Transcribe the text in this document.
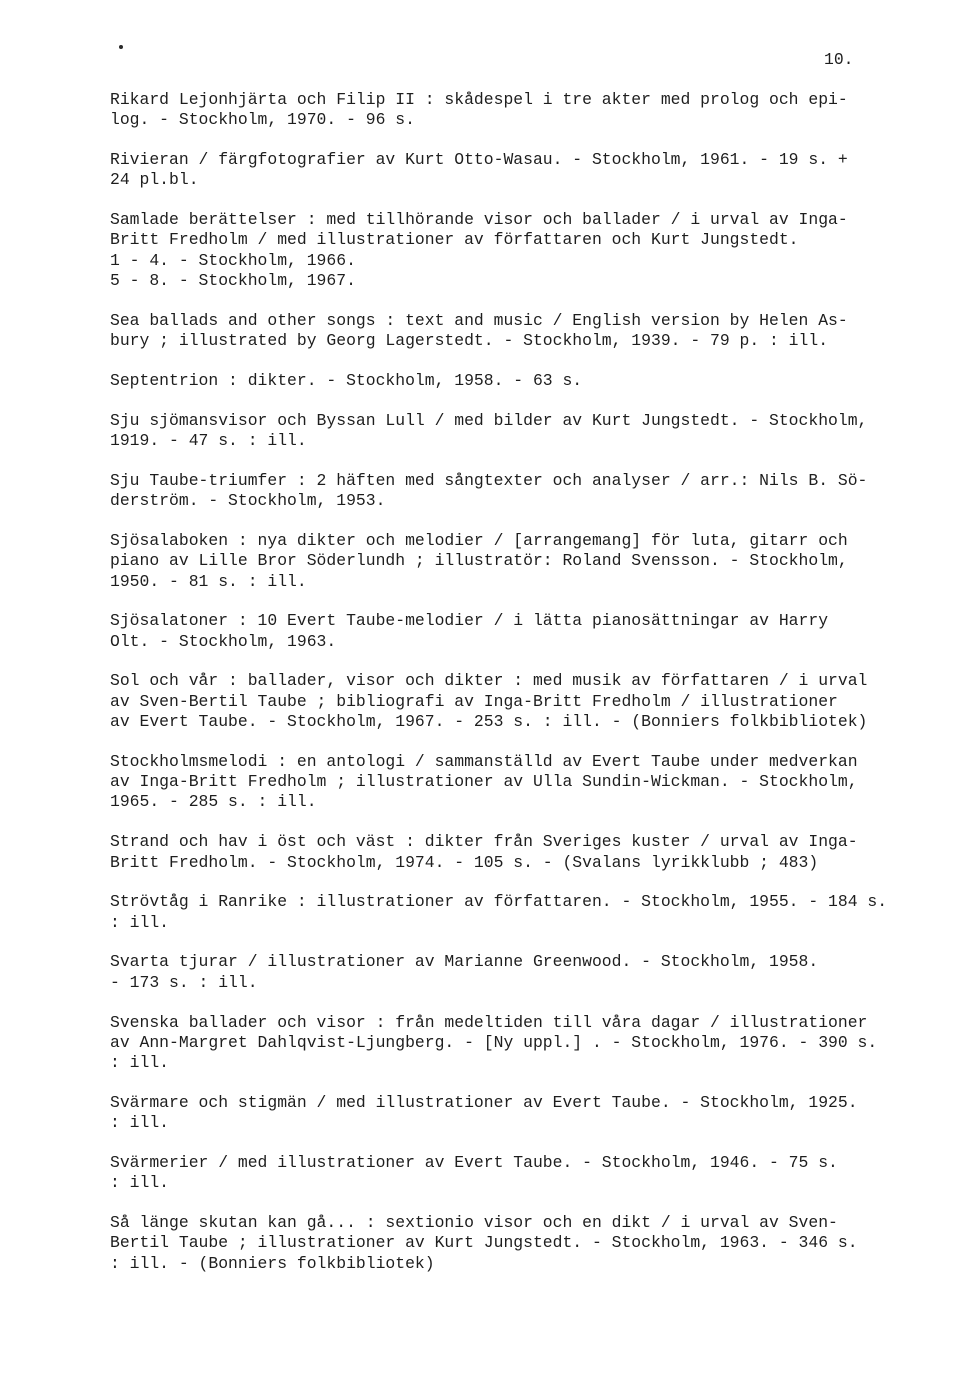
10.
Rikard Lejonhjärta och Filip II : skådespel i tre akter med prolog och epi-
log. - Stockholm, 1970. - 96 s.
Rivieran / färgfotografier av Kurt Otto-Wasau. - Stockholm, 1961. - 19 s. +
24 pl.bl.
Samlade berättelser : med tillhörande visor och ballader / i urval av Inga-
Britt Fredholm / med illustrationer av författaren och Kurt Jungstedt.
1 - 4. - Stockholm, 1966.
5 - 8. - Stockholm, 1967.
Sea ballads and other songs : text and music / English version by Helen As-
bury ; illustrated by Georg Lagerstedt. - Stockholm, 1939. - 79 p. : ill.
Septentrion : dikter. - Stockholm, 1958. - 63 s.
Sju sjömansvisor och Byssan Lull / med bilder av Kurt Jungstedt. - Stockholm,
1919. - 47 s. : ill.
Sju Taube-triumfer : 2 häften med sångtexter och analyser / arr.: Nils B. Sö-
derström. - Stockholm, 1953.
Sjösalaboken : nya dikter och melodier / [arrangemang] för luta, gitarr och
piano av Lille Bror Söderlundh ; illustratör: Roland Svensson. - Stockholm,
1950. - 81 s. : ill.
Sjösalatoner : 10 Evert Taube-melodier / i lätta pianosättningar av Harry
Olt. - Stockholm, 1963.
Sol och vår : ballader, visor och dikter : med musik av författaren / i urval
av Sven-Bertil Taube ; bibliografi av Inga-Britt Fredholm / illustrationer
av Evert Taube. - Stockholm, 1967. - 253 s. : ill. - (Bonniers folkbibliotek)
Stockholmsmelodi : en antologi / sammanställd av Evert Taube under medverkan
av Inga-Britt Fredholm ; illustrationer av Ulla Sundin-Wickman. - Stockholm,
1965. - 285 s. : ill.
Strand och hav i öst och väst : dikter från Sveriges kuster / urval av Inga-
Britt Fredholm. - Stockholm, 1974. - 105 s. - (Svalans lyrikklubb ; 483)
Strövtåg i Ranrike : illustrationer av författaren. - Stockholm, 1955. - 184 s.
: ill.
Svarta tjurar / illustrationer av Marianne Greenwood. - Stockholm, 1958.
- 173 s. : ill.
Svenska ballader och visor : från medeltiden till våra dagar / illustrationer
av Ann-Margret Dahlqvist-Ljungberg. - [Ny uppl.] . - Stockholm, 1976. - 390 s.
: ill.
Svärmare och stigmän / med illustrationer av Evert Taube. - Stockholm, 1925.
: ill.
Svärmerier / med illustrationer av Evert Taube. - Stockholm, 1946. - 75 s.
: ill.
Så länge skutan kan gå... : sextionio visor och en dikt / i urval av Sven-
Bertil Taube ; illustrationer av Kurt Jungstedt. - Stockholm, 1963. - 346 s.
: ill. - (Bonniers folkbibliotek)
